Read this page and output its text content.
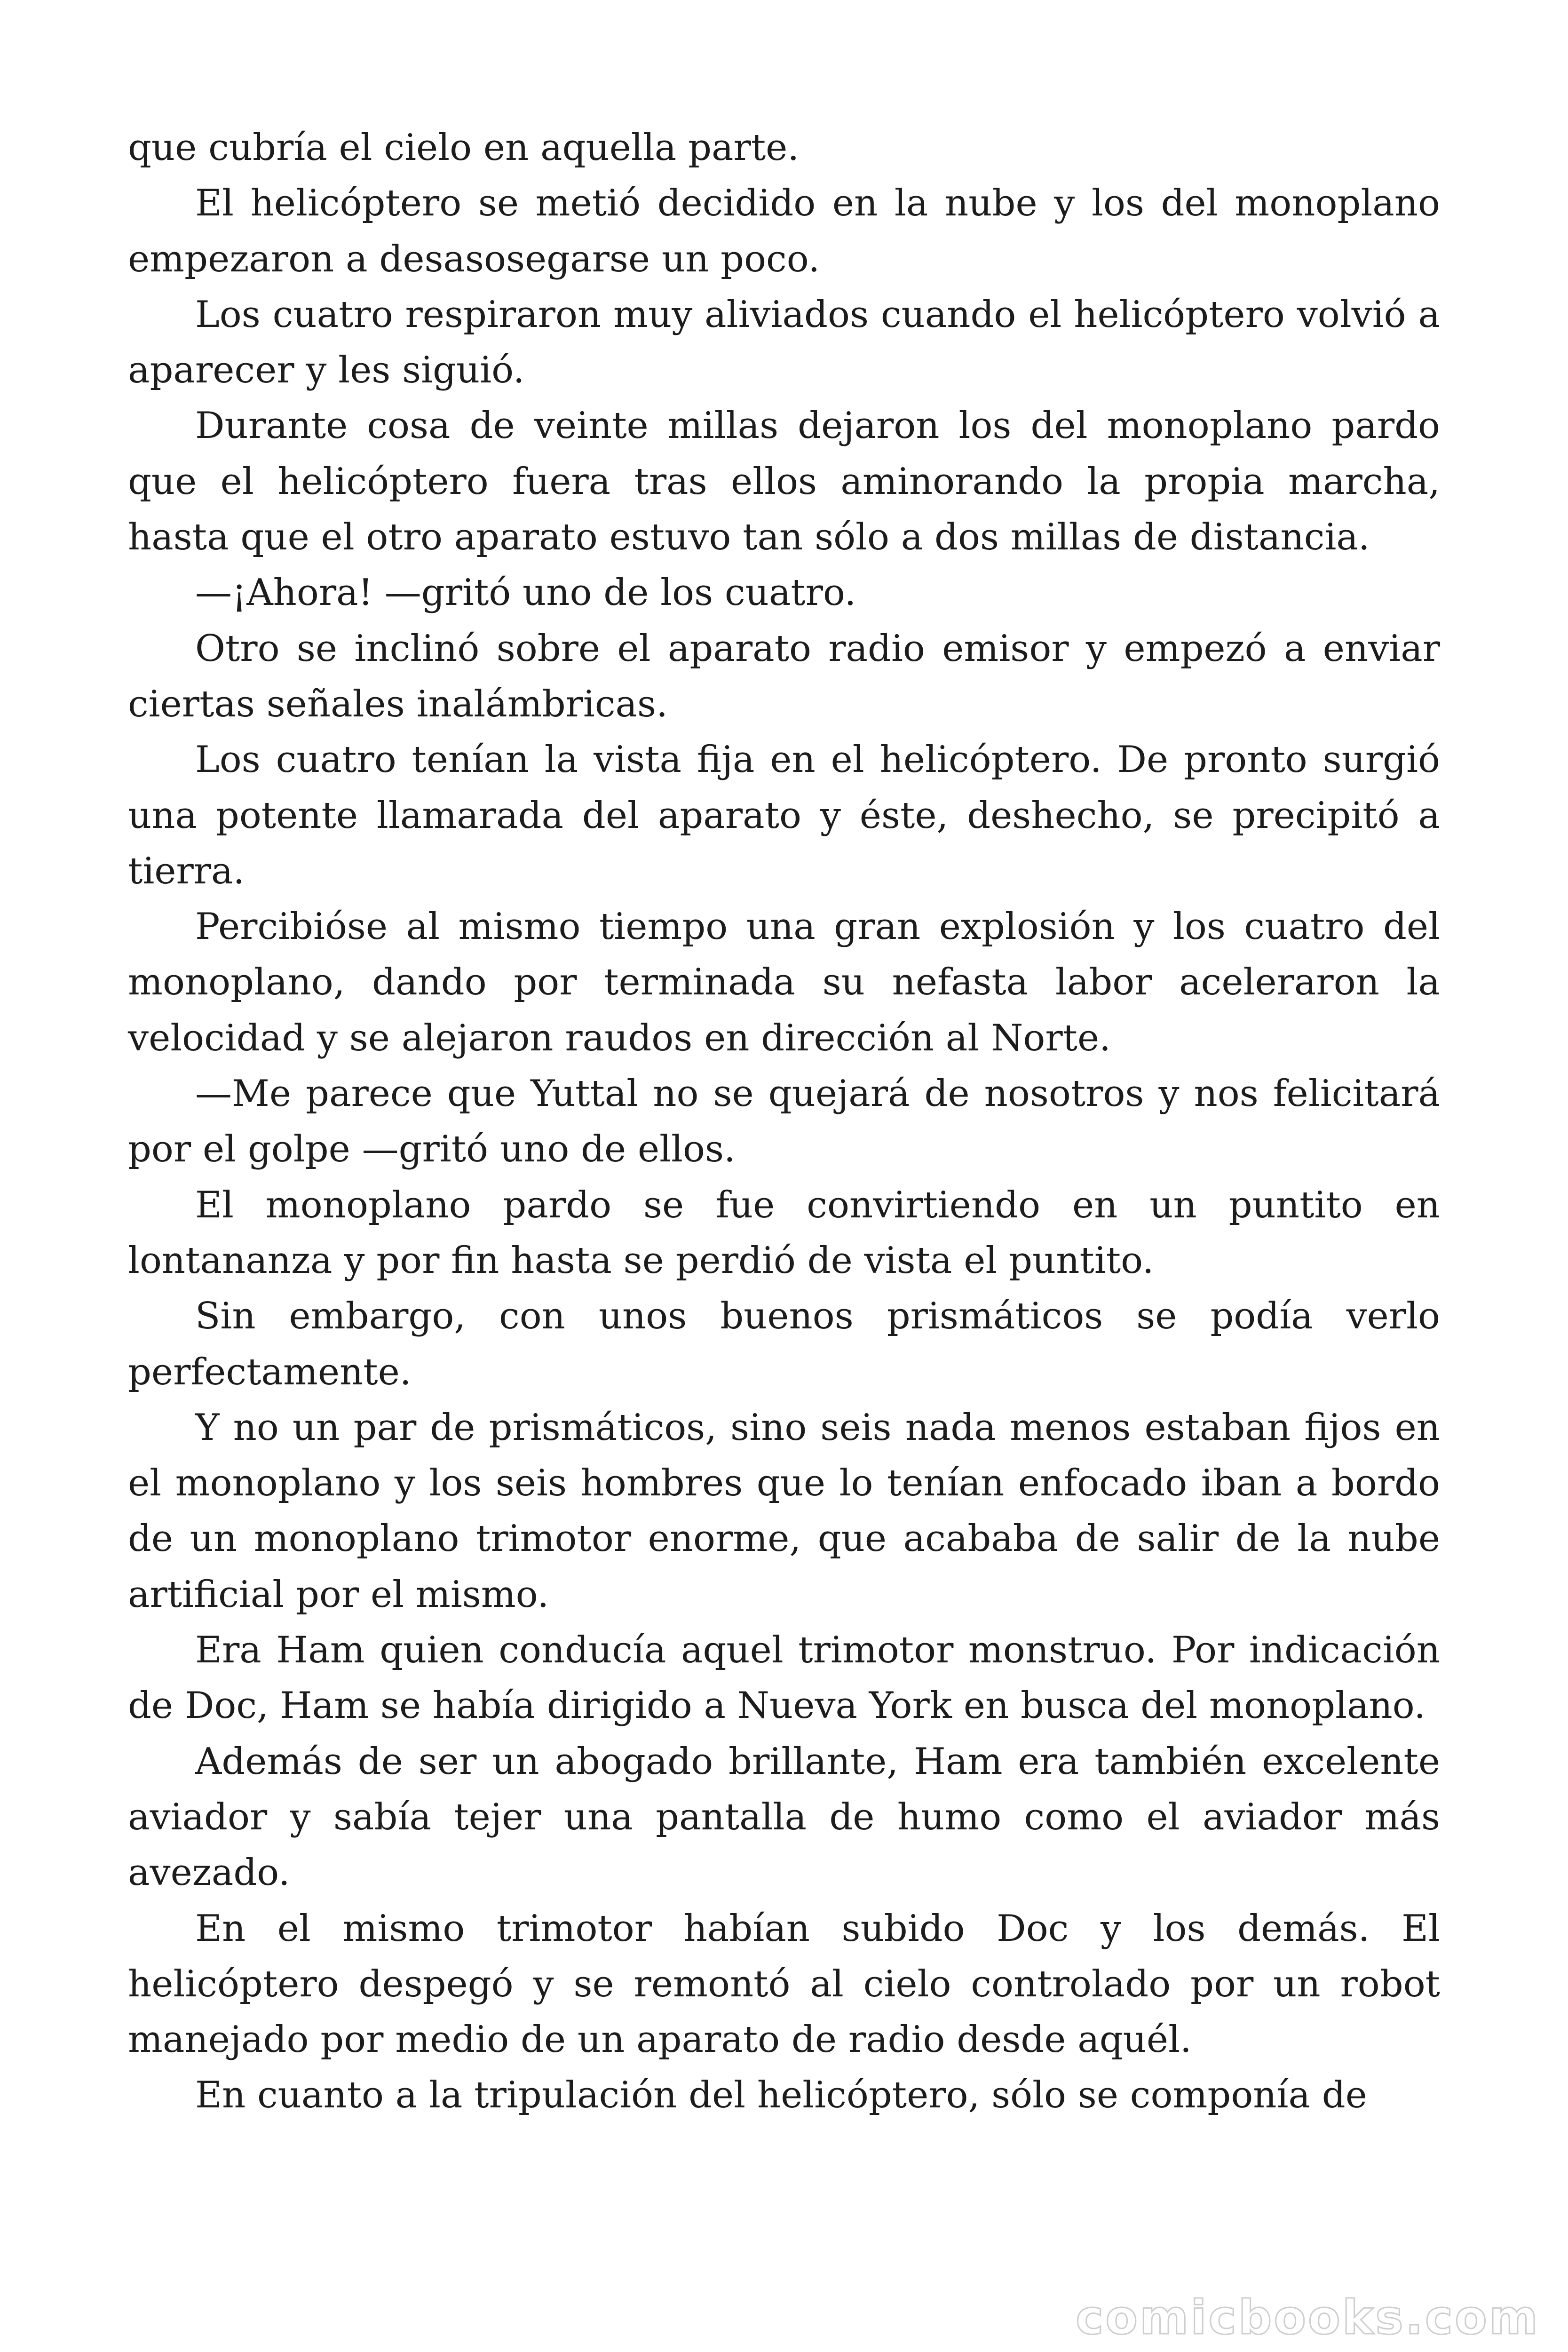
que cubría el cielo en aquella parte.

El helicóptero se metió decidido en la nube y los del monoplano empezaron a desasosegarse un poco.

Los cuatro respiraron muy aliviados cuando el helicóptero volvió a aparecer y les siguió.

Durante cosa de veinte millas dejaron los del monoplano pardo que el helicóptero fuera tras ellos aminorando la propia marcha, hasta que el otro aparato estuvo tan sólo a dos millas de distancia.

—¡Ahora! —gritó uno de los cuatro.

Otro se inclinó sobre el aparato radio emisor y empezó a enviar ciertas señales inalámbricas.

Los cuatro tenían la vista fija en el helicóptero. De pronto surgió una potente llamarada del aparato y éste, deshecho, se precipitó a tierra.

Percibióse al mismo tiempo una gran explosión y los cuatro del monoplano, dando por terminada su nefasta labor aceleraron la velocidad y se alejaron raudos en dirección al Norte.

—Me parece que Yuttal no se quejará de nosotros y nos felicitará por el golpe —gritó uno de ellos.

El monoplano pardo se fue convirtiendo en un puntito en lontananza y por fin hasta se perdió de vista el puntito.

Sin embargo, con unos buenos prismáticos se podía verlo perfectamente.

Y no un par de prismáticos, sino seis nada menos estaban fijos en el monoplano y los seis hombres que lo tenían enfocado iban a bordo de un monoplano trimotor enorme, que acababa de salir de la nube artificial por el mismo.

Era Ham quien conducía aquel trimotor monstruo. Por indicación de Doc, Ham se había dirigido a Nueva York en busca del monoplano.

Además de ser un abogado brillante, Ham era también excelente aviador y sabía tejer una pantalla de humo como el aviador más avezado.

En el mismo trimotor habían subido Doc y los demás. El helicóptero despegó y se remontó al cielo controlado por un robot manejado por medio de un aparato de radio desde aquél.

En cuanto a la tripulación del helicóptero, sólo se componía de

comicbooks.com
